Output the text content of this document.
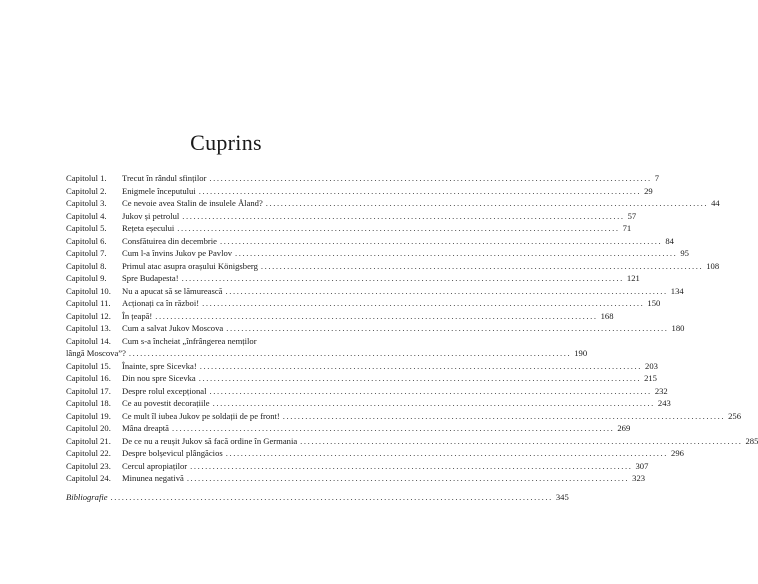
Cuprins
Capitolul 1.	Trecut în rândul sfinților .....	7
Capitolul 2.	Enigmele începutului .....	29
Capitolul 3.	Ce nevoie avea Stalin de insulele Åland? .....	44
Capitolul 4.	Jukov și petrolul .....	57
Capitolul 5.	Rețeta eșecului .....	71
Capitolul 6.	Consfătuirea din decembrie .....	84
Capitolul 7.	Cum l-a învins Jukov pe Pavlov .....	95
Capitolul 8.	Primul atac asupra orașului Königsberg .....	108
Capitolul 9.	Spre Budapesta! .....	121
Capitolul 10.	Nu a apucat să se lămurească .....	134
Capitolul 11.	Acționați ca în război! .....	150
Capitolul 12.	În țeapă! .....	168
Capitolul 13.	Cum a salvat Jukov Moscova .....	180
Capitolul 14.	Cum s-a încheiat „înfrângerea nemților
lângă Moscova”? .....	190
Capitolul 15.	Înainte, spre Sicevka! .....	203
Capitolul 16.	Din nou spre Sicevka .....	215
Capitolul 17.	Despre rolul excepțional .....	232
Capitolul 18.	Ce au povestit decorațiile .....	243
Capitolul 19.	Ce mult îl iubea Jukov pe soldații de pe front! .....	256
Capitolul 20.	Mâna dreaptă .....	269
Capitolul 21.	De ce nu a reușit Jukov să facă ordine în Germania .....	285
Capitolul 22.	Despre bolșevicul plângăcios .....	296
Capitolul 23.	Cercul apropiaților .....	307
Capitolul 24.	Minunea negativă .....	323
Bibliografie .....	345
